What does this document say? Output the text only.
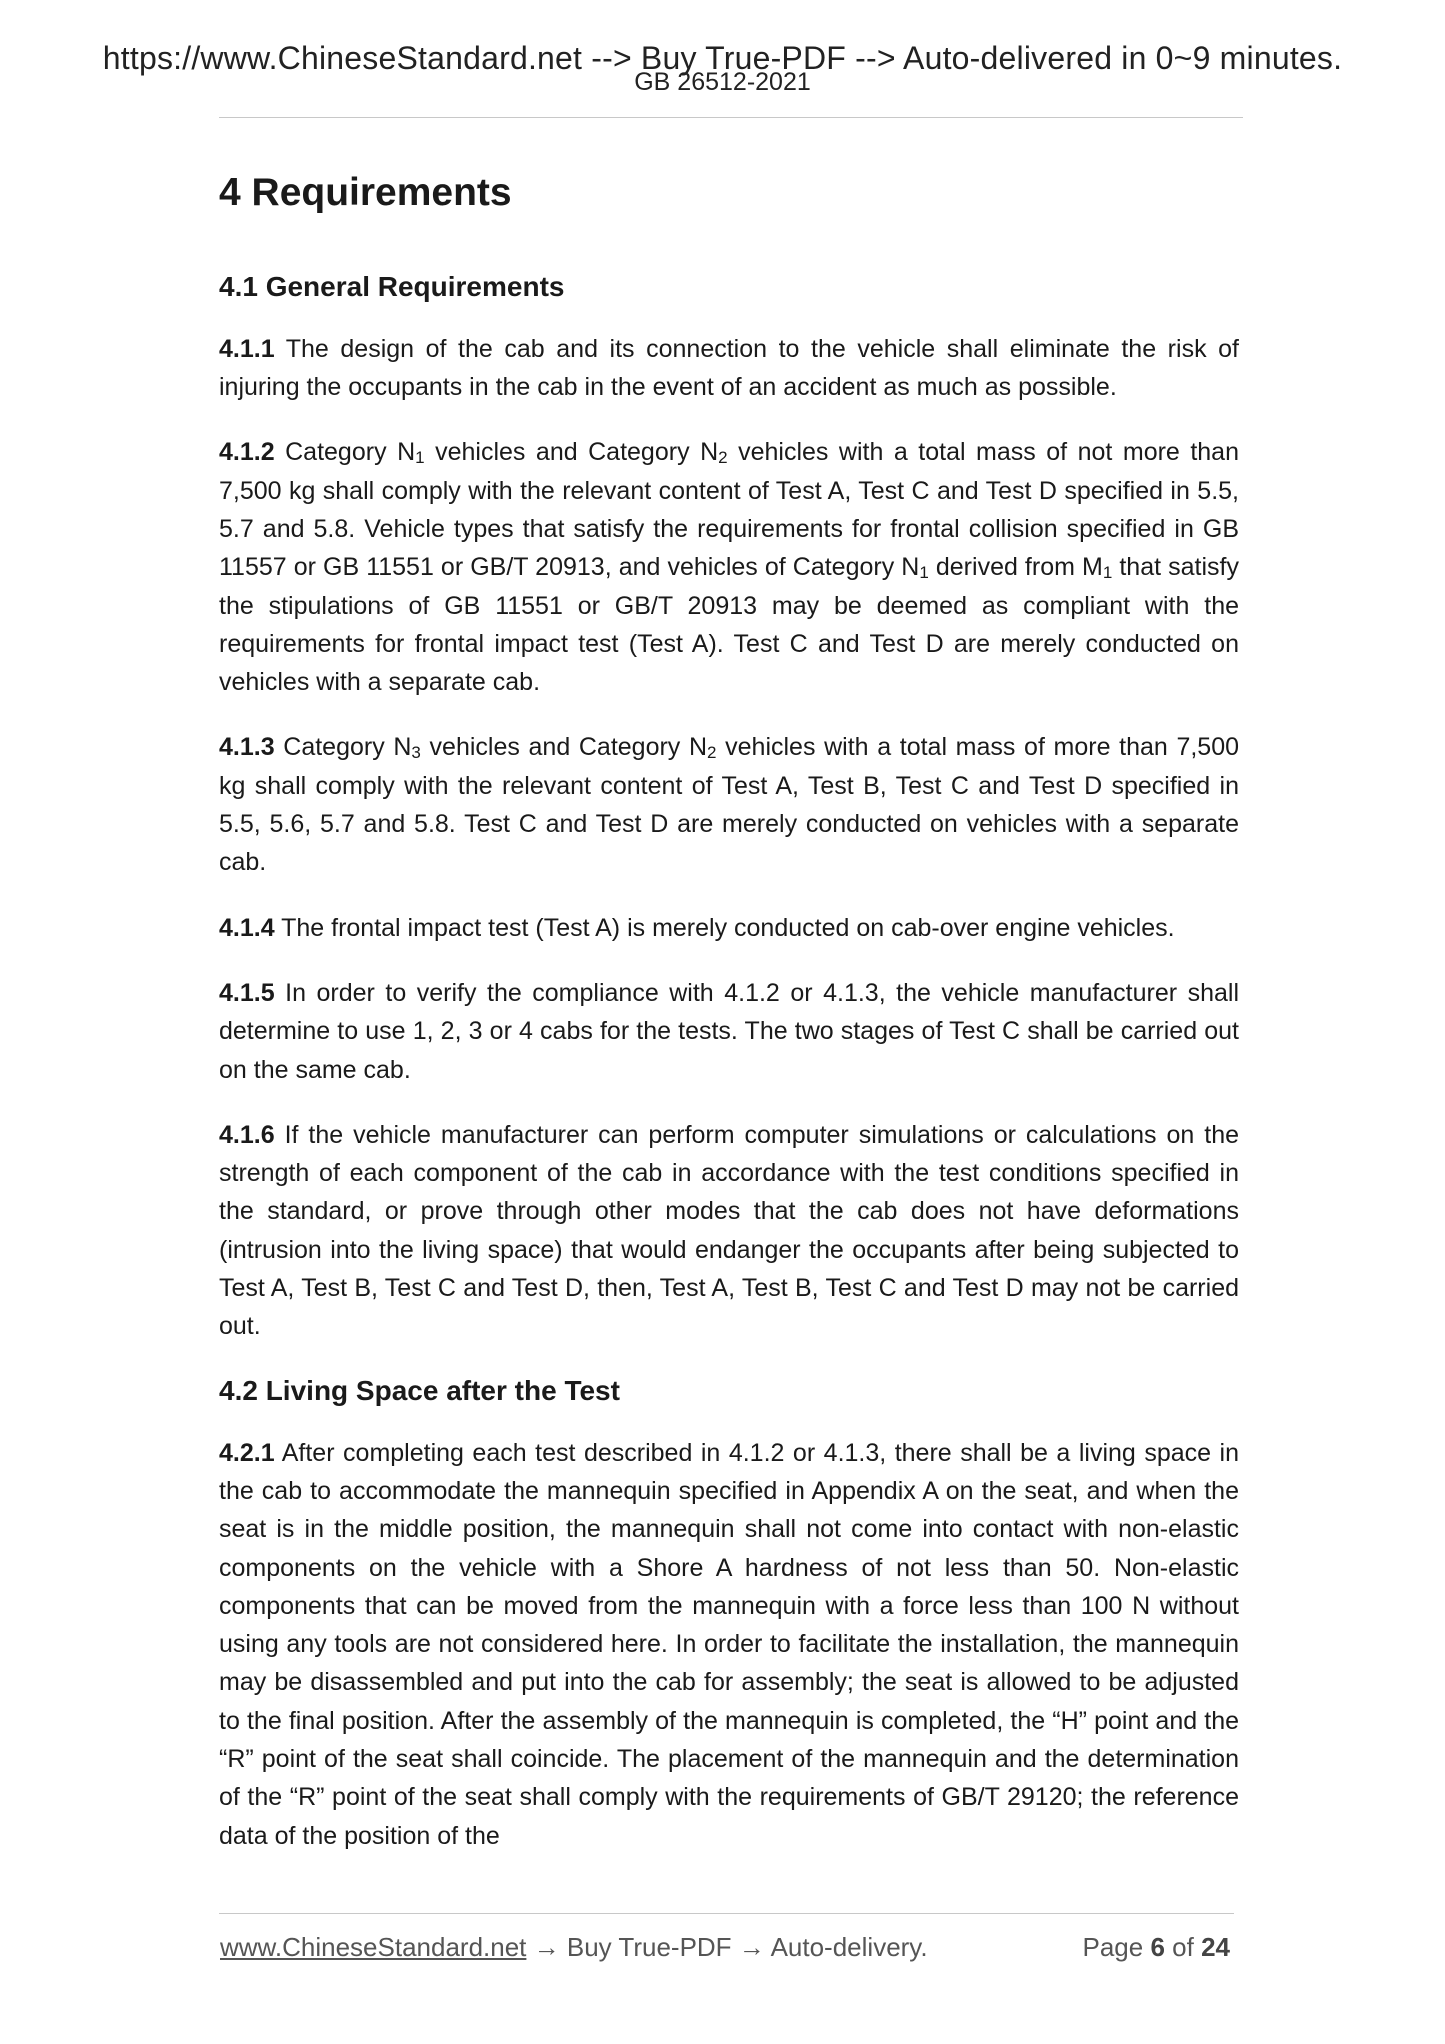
https://www.ChineseStandard.net --> Buy True-PDF --> Auto-delivered in 0~9 minutes.
GB 26512-2021
4 Requirements
4.1 General Requirements

4.1.1 The design of the cab and its connection to the vehicle shall eliminate the risk of injuring the occupants in the cab in the event of an accident as much as possible.

4.1.2 Category $N_1$ vehicles and Category $N_2$ vehicles with a total mass of not more than 7,500 kg shall comply with the relevant content of Test A, Test C and Test D specified in 5.5, 5.7 and 5.8. Vehicle types that satisfy the requirements for frontal collision specified in GB 11557 or GB 11551 or GB/T 20913, and vehicles of Category $N_1$ derived from $M_1$ that satisfy the stipulations of GB 11551 or GB/T 20913 may be deemed as compliant with the requirements for frontal impact test (Test A). Test C and Test D are merely conducted on vehicles with a separate cab.

4.1.3 Category $N_3$ vehicles and Category $N_2$ vehicles with a total mass of more than 7,500 kg shall comply with the relevant content of Test A, Test B, Test C and Test D specified in 5.5, 5.6, 5.7 and 5.8. Test C and Test D are merely conducted on vehicles with a separate cab.

4.1.4 The frontal impact test (Test A) is merely conducted on cab-over engine vehicles.

4.1.5 In order to verify the compliance with 4.1.2 or 4.1.3, the vehicle manufacturer shall determine to use 1, 2, 3 or 4 cabs for the tests. The two stages of Test C shall be carried out on the same cab.

4.1.6 If the vehicle manufacturer can perform computer simulations or calculations on the strength of each component of the cab in accordance with the test conditions specified in the standard, or prove through other modes that the cab does not have deformations (intrusion into the living space) that would endanger the occupants after being subjected to Test A, Test B, Test C and Test D, then, Test A, Test B, Test C and Test D may not be carried out.

4.2 Living Space after the Test

4.2.1 After completing each test described in 4.1.2 or 4.1.3, there shall be a living space in the cab to accommodate the mannequin specified in Appendix A on the seat, and when the seat is in the middle position, the mannequin shall not come into contact with non-elastic components on the vehicle with a Shore A hardness of not less than 50. Non-elastic components that can be moved from the mannequin with a force less than 100 N without using any tools are not considered here. In order to facilitate the installation, the mannequin may be disassembled and put into the cab for assembly; the seat is allowed to be adjusted to the final position. After the assembly of the mannequin is completed, the “H” point and the “R” point of the seat shall coincide. The placement of the mannequin and the determination of the “R” point of the seat shall comply with the requirements of GB/T 29120; the reference data of the position of the

www.ChineseStandard.net → Buy True-PDF → Auto-delivery.	Page 6 of 24
